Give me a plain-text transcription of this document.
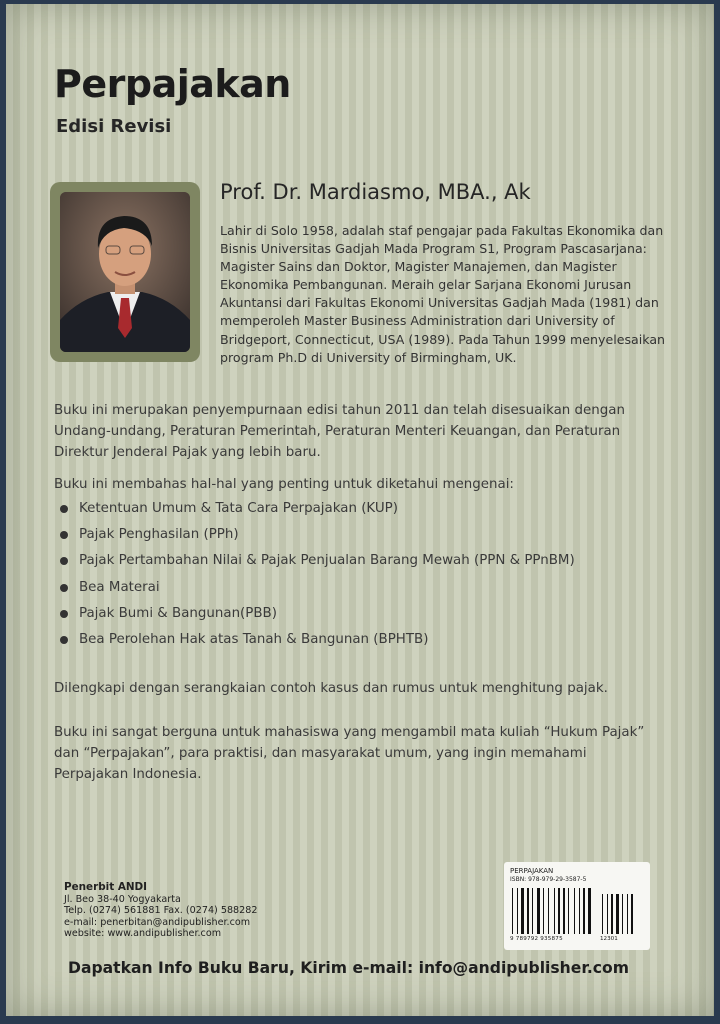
Perpajakan
Edisi Revisi
Prof. Dr. Mardiasmo, MBA., Ak
Lahir di Solo 1958, adalah staf pengajar pada Fakultas Ekonomika dan
Bisnis Universitas Gadjah Mada Program S1, Program Pascasarjana:
Magister Sains dan Doktor, Magister Manajemen, dan Magister
Ekonomika Pembangunan. Meraih gelar Sarjana Ekonomi Jurusan
Akuntansi dari Fakultas Ekonomi Universitas Gadjah Mada (1981) dan
memperoleh Master Business Administration dari University of
Bridgeport, Connecticut, USA (1989). Pada Tahun 1999 menyelesaikan
program Ph.D di University of Birmingham, UK.
Buku ini merupakan penyempurnaan edisi tahun 2011 dan telah disesuaikan dengan
Undang-undang, Peraturan Pemerintah, Peraturan Menteri Keuangan, dan Peraturan
Direktur Jenderal Pajak yang lebih baru.
Buku ini membahas hal-hal yang penting untuk diketahui mengenai:
Ketentuan Umum & Tata Cara Perpajakan (KUP)
Pajak Penghasilan (PPh)
Pajak Pertambahan Nilai & Pajak Penjualan Barang Mewah (PPN & PPnBM)
Bea Materai
Pajak Bumi & Bangunan(PBB)
Bea Perolehan Hak atas Tanah & Bangunan (BPHTB)
Dilengkapi dengan serangkaian contoh kasus dan rumus untuk menghitung pajak.
Buku ini sangat berguna untuk mahasiswa yang mengambil mata kuliah “Hukum Pajak”
dan “Perpajakan”, para praktisi, dan masyarakat umum, yang ingin memahami
Perpajakan Indonesia.
Penerbit ANDI
Jl. Beo 38-40 Yogyakarta
Telp. (0274) 561881 Fax. (0274) 588282
e-mail: penerbitan@andipublisher.com
website: www.andipublisher.com
PERPAJAKAN
ISBN: 978-979-29-3587-5
9 789792 935875	12301
Dapatkan Info Buku Baru, Kirim e-mail: info@andipublisher.com
